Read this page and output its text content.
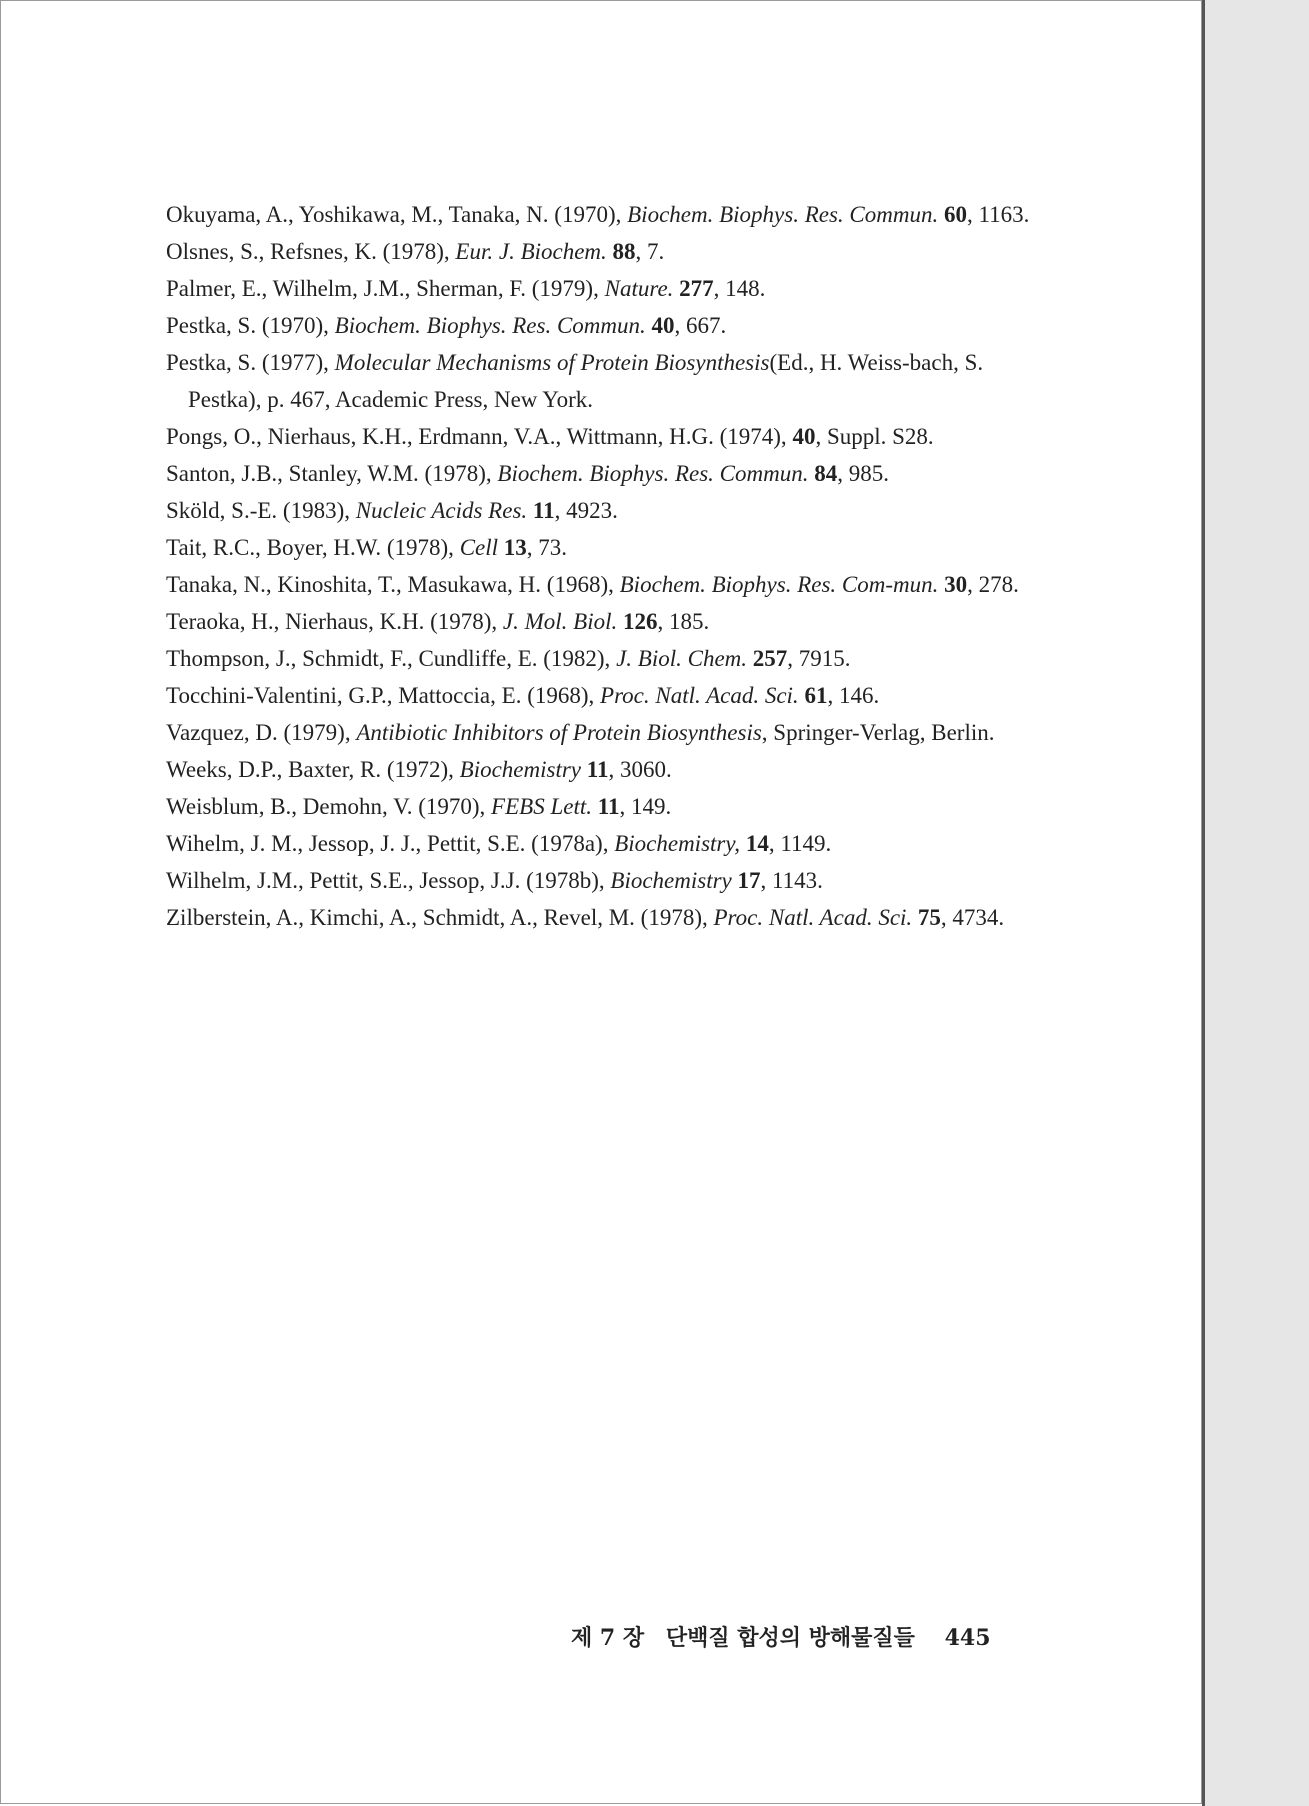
Okuyama, A., Yoshikawa, M., Tanaka, N. (1970), Biochem. Biophys. Res. Commun. 60, 1163.

Olsnes, S., Refsnes, K. (1978), Eur. J. Biochem. 88, 7.

Palmer, E., Wilhelm, J.M., Sherman, F. (1979), Nature. 277, 148.

Pestka, S. (1970), Biochem. Biophys. Res. Commun. 40, 667.

Pestka, S. (1977), Molecular Mechanisms of Protein Biosynthesis(Ed., H. Weiss-bach, S. Pestka), p. 467, Academic Press, New York.

Pongs, O., Nierhaus, K.H., Erdmann, V.A., Wittmann, H.G. (1974), 40, Suppl. S28.

Santon, J.B., Stanley, W.M. (1978), Biochem. Biophys. Res. Commun. 84, 985.

Sköld, S.-E. (1983), Nucleic Acids Res. 11, 4923.

Tait, R.C., Boyer, H.W. (1978), Cell 13, 73.

Tanaka, N., Kinoshita, T., Masukawa, H. (1968), Biochem. Biophys. Res. Com-mun. 30, 278.

Teraoka, H., Nierhaus, K.H. (1978), J. Mol. Biol. 126, 185.

Thompson, J., Schmidt, F., Cundliffe, E. (1982), J. Biol. Chem. 257, 7915.

Tocchini-Valentini, G.P., Mattoccia, E. (1968), Proc. Natl. Acad. Sci. 61, 146.

Vazquez, D. (1979), Antibiotic Inhibitors of Protein Biosynthesis, Springer-Verlag, Berlin.

Weeks, D.P., Baxter, R. (1972), Biochemistry 11, 3060.

Weisblum, B., Demohn, V. (1970), FEBS Lett. 11, 149.

Wihelm, J. M., Jessop, J. J., Pettit, S.E. (1978a), Biochemistry, 14, 1149.

Wilhelm, J.M., Pettit, S.E., Jessop, J.J. (1978b), Biochemistry 17, 1143.

Zilberstein, A., Kimchi, A., Schmidt, A., Revel, M. (1978), Proc. Natl. Acad. Sci. 75, 4734.

제 7 장 단백질 합성의 방해물질들 445
